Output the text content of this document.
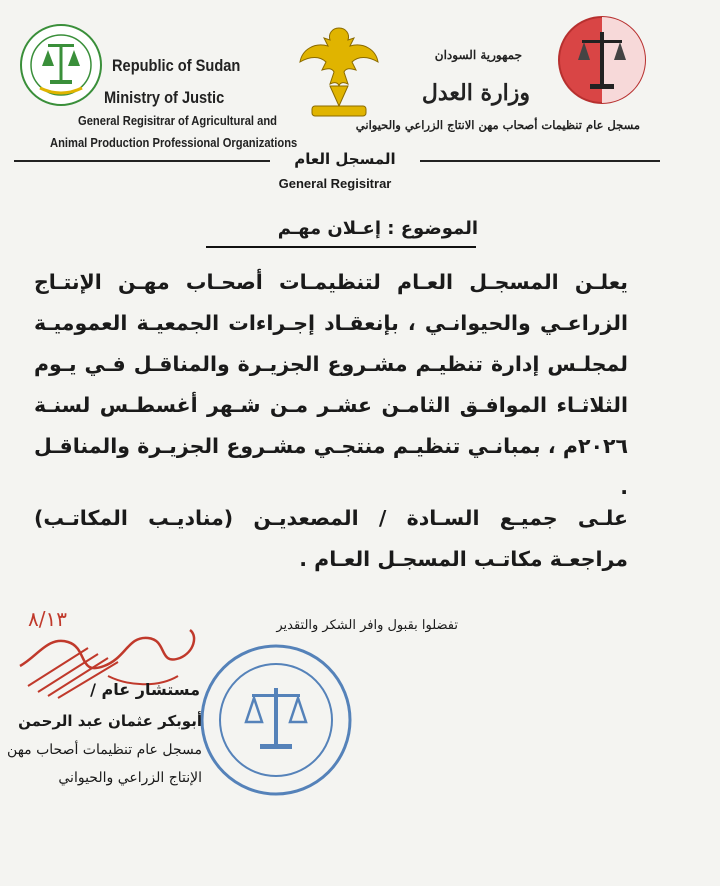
Republic of Sudan
Ministry of Justic
General Regisitrar of Agricultural and
Animal Production Professional Organizations
جمهورية السودان
وزارة العدل
مسجل عام تنظيمات أصحاب مهن الانتاج الزراعي والحيواني
المسجل العام
General Regisitrar
الموضوع : إعـلان مهـم
يعلـن المسجـل العـام لتنظيمـات أصحـاب مهـن الإنتـاج الزراعـي والحيوانـي ، بإنعقـاد إجـراءات الجمعيـة العموميـة لمجلـس إدارة تنظيـم مشـروع الجزيـرة والمناقـل فـي يـوم الثلاثـاء الموافـق الثامـن عشـر مـن شـهر أغسطـس لسنـة ٢٠٢٦م ، بمبانـي تنظيـم منتجـي مشـروع الجزيـرة والمناقـل .
علـى جميـع السـادة / المصعديـن (مناديـب المكاتـب) مراجعـة مكاتـب المسجـل العـام .
تفضلوا بقبول وافر الشكر والتقدير
٨/١٣
مستشار عام /
أبوبكر عثمان عبد الرحمن
مسجل عام تنظيمات أصحاب مهن
الإنتاج الزراعي والحيواني
